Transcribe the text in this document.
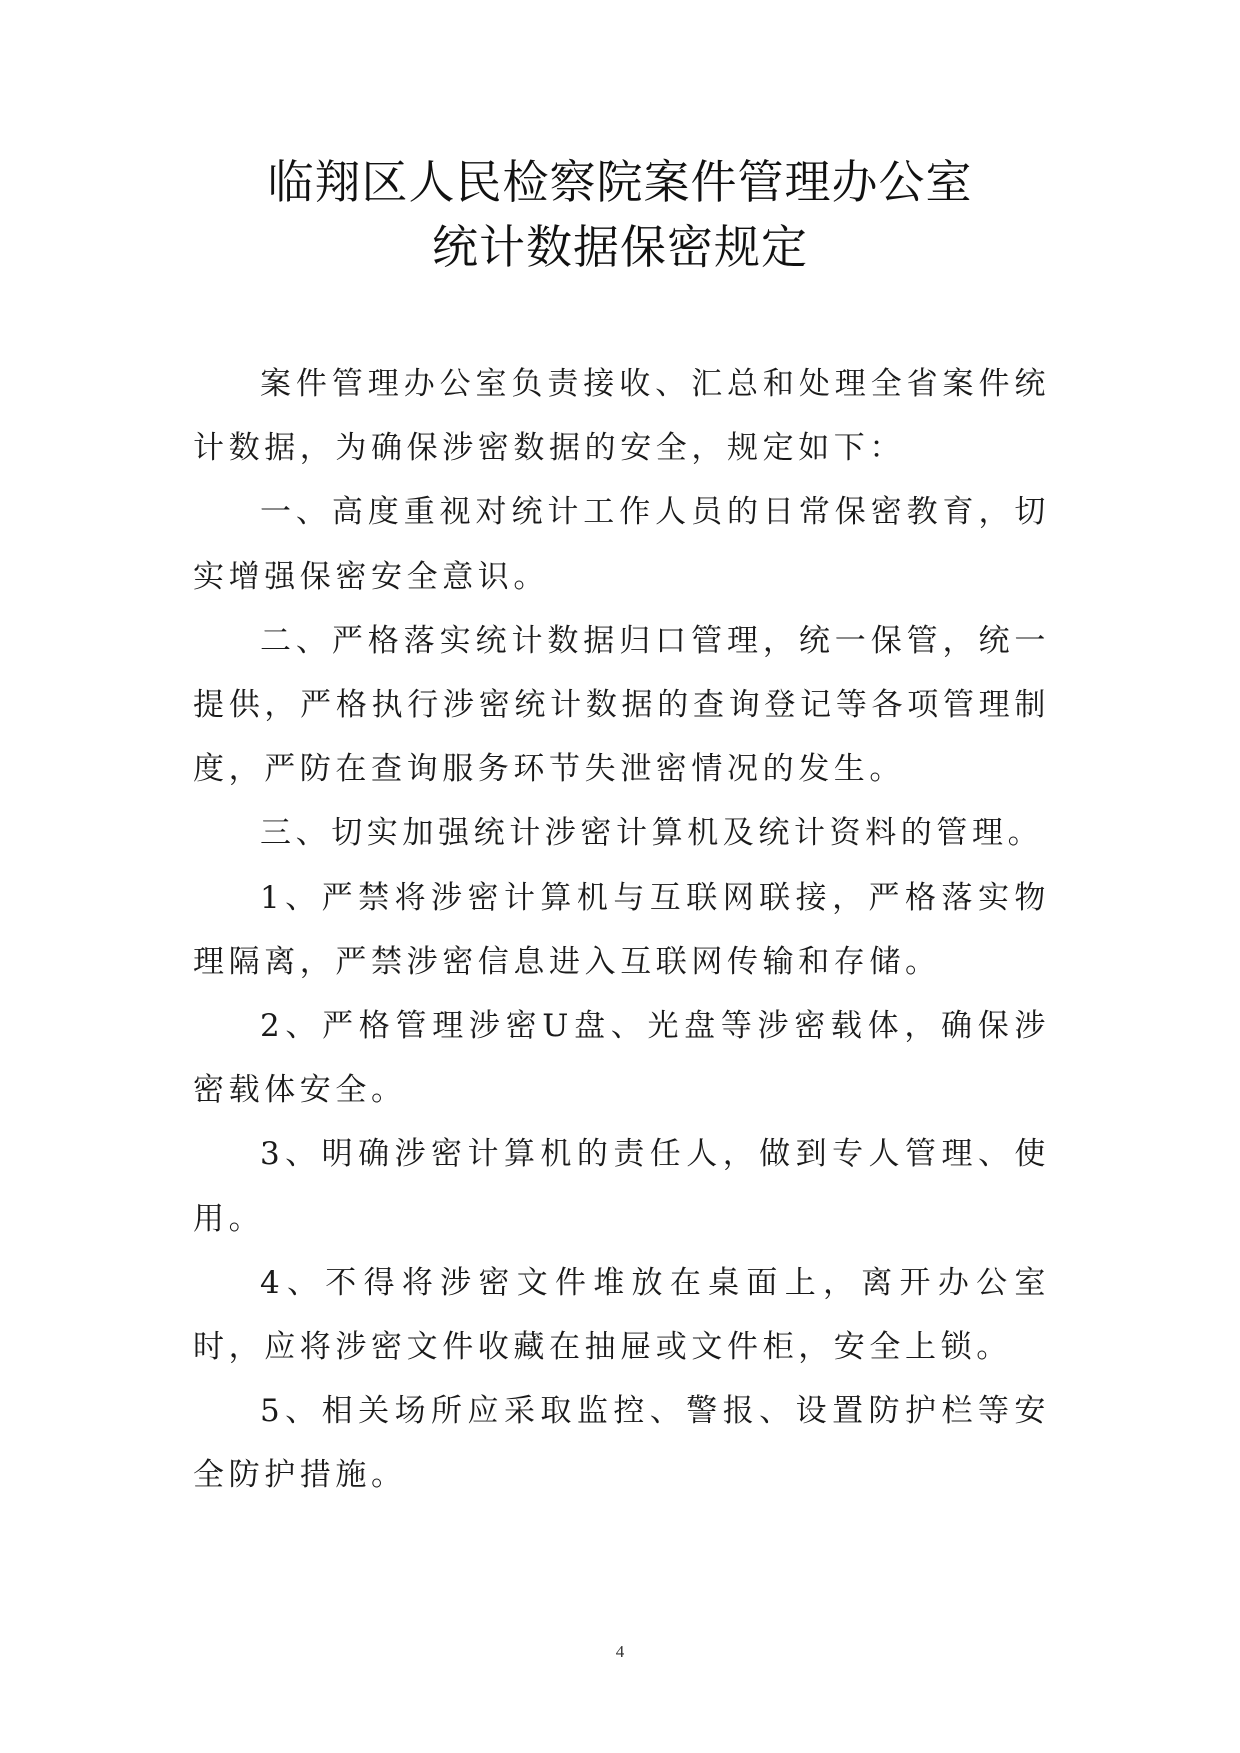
临翔区人民检察院案件管理办公室
统计数据保密规定

案件管理办公室负责接收、汇总和处理全省案件统计数据，为确保涉密数据的安全，规定如下：

一、高度重视对统计工作人员的日常保密教育，切实增强保密安全意识。

二、严格落实统计数据归口管理，统一保管，统一提供，严格执行涉密统计数据的查询登记等各项管理制度，严防在查询服务环节失泄密情况的发生。

三、切实加强统计涉密计算机及统计资料的管理。

1、严禁将涉密计算机与互联网联接，严格落实物理隔离，严禁涉密信息进入互联网传输和存储。

2、严格管理涉密U盘、光盘等涉密载体，确保涉密载体安全。

3、明确涉密计算机的责任人，做到专人管理、使用。

4、不得将涉密文件堆放在桌面上，离开办公室时，应将涉密文件收藏在抽屉或文件柜，安全上锁。

5、相关场所应采取监控、警报、设置防护栏等安全防护措施。

4
